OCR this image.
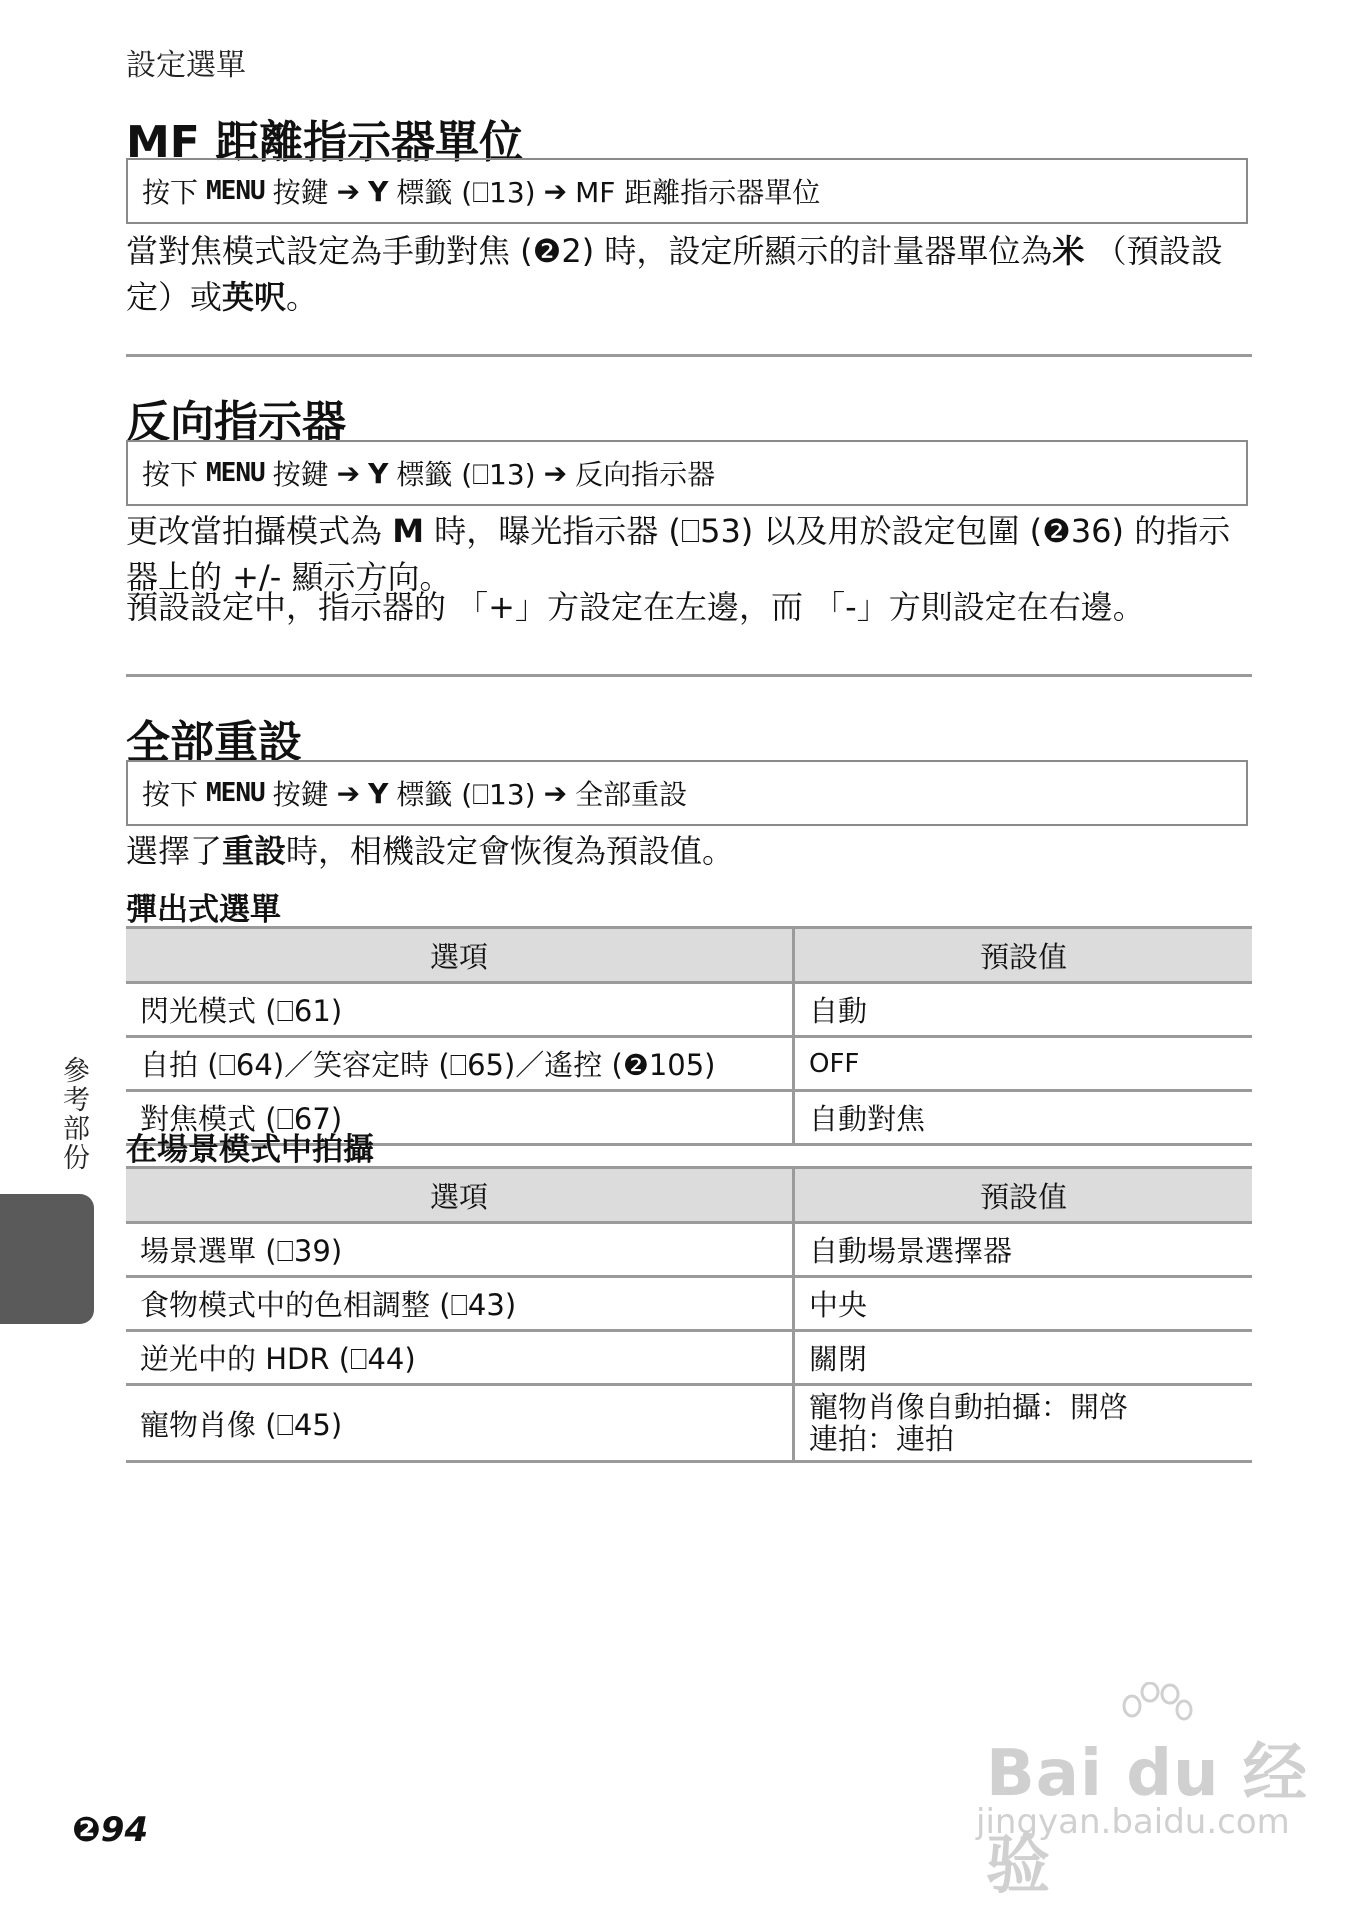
設定選單
MF 距離指示器單位
按下 MENU 按鍵 ➔ Y 標籤 (⎕13) ➔ MF 距離指示器單位
當對焦模式設定為手動對焦 (❷2) 時，設定所顯示的計量器單位為米 （預設設定）或英呎。
反向指示器
按下 MENU 按鍵 ➔ Y 標籤 (⎕13) ➔ 反向指示器
更改當拍攝模式為 M 時，曝光指示器 (⎕53) 以及用於設定包圍 (❷36) 的指示器上的 +/- 顯示方向。
預設設定中，指示器的 「+」方設定在左邊，而 「-」方則設定在右邊。
全部重設
按下 MENU 按鍵 ➔ Y 標籤 (⎕13) ➔ 全部重設
選擇了重設時，相機設定會恢復為預設值。
彈出式選單
選項	預設值
閃光模式 (⎕61)	自動
自拍 (⎕64)／笑容定時 (⎕65)／遙控 (❷105)	OFF
對焦模式 (⎕67)	自動對焦
在場景模式中拍攝
選項	預設值
場景選單 (⎕39)	自動場景選擇器
食物模式中的色相調整 (⎕43)	中央
逆光中的 HDR (⎕44)	關閉
寵物肖像 (⎕45)	寵物肖像自動拍攝：開啓
連拍：連拍
參考部份
❷94
Bai du 经验
jingyan.baidu.com
